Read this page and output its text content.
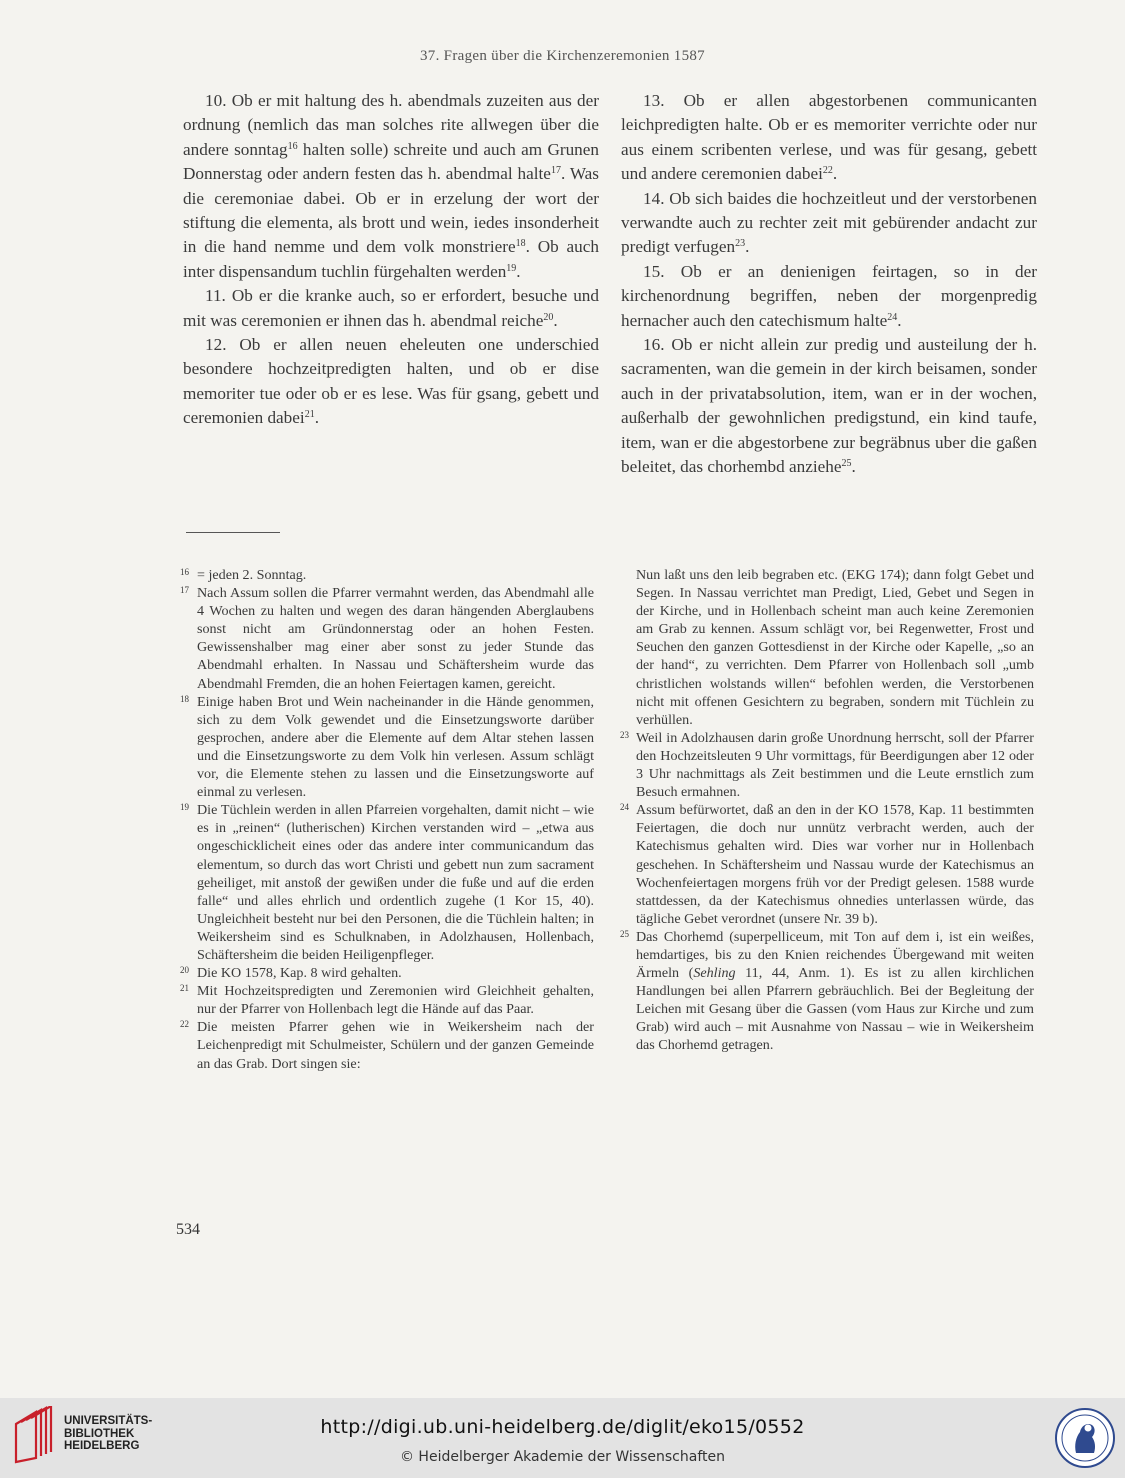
37. Fragen über die Kirchenzeremonien 1587

10. Ob er mit haltung des h. abendmals zuzeiten aus der ordnung (nemlich das man solches rite allwegen über die andere sonntag$^{16}$ halten solle) schreite und auch am Grunen Donnerstag oder andern festen das h. abendmal halte$^{17}$. Was die ceremoniae dabei. Ob er in erzelung der wort der stiftung die elementa, als brott und wein, iedes insonderheit in die hand nemme und dem volk monstriere$^{18}$. Ob auch inter dispensandum tuchlin fürgehalten werden$^{19}$.

11. Ob er die kranke auch, so er erfordert, besuche und mit was ceremonien er ihnen das h. abendmal reiche$^{20}$.

12. Ob er allen neuen eheleuten one underschied besondere hochzeitpredigten halten, und ob er dise memoriter tue oder ob er es lese. Was für gsang, gebett und ceremonien dabei$^{21}$.

13. Ob er allen abgestorbenen communicanten leichpredigten halte. Ob er es memoriter verrichte oder nur aus einem scribenten verlese, und was für gesang, gebett und andere ceremonien dabei$^{22}$.

14. Ob sich baides die hochzeitleut und der verstorbenen verwandte auch zu rechter zeit mit gebürender andacht zur predigt verfugen$^{23}$.

15. Ob er an denienigen feirtagen, so in der kirchenordnung begriffen, neben der morgenpredig hernacher auch den catechismum halte$^{24}$.

16. Ob er nicht allein zur predig und austeilung der h. sacramenten, wan die gemein in der kirch beisamen, sonder auch in der privatabsolution, item, wan er in der wochen, außerhalb der gewohnlichen predigstund, ein kind taufe, item, wan er die abgestorbene zur begräbnus uber die gaßen beleitet, das chorhembd anziehe$^{25}$.

16 = jeden 2. Sonntag.

17 Nach Assum sollen die Pfarrer vermahnt werden, das Abendmahl alle 4 Wochen zu halten und wegen des daran hängenden Aberglaubens sonst nicht am Gründonnerstag oder an hohen Festen. Gewissenshalber mag einer aber sonst zu jeder Stunde das Abendmahl erhalten. In Nassau und Schäftersheim wurde das Abendmahl Fremden, die an hohen Feiertagen kamen, gereicht.

18 Einige haben Brot und Wein nacheinander in die Hände genommen, sich zu dem Volk gewendet und die Einsetzungsworte darüber gesprochen, andere aber die Elemente auf dem Altar stehen lassen und die Einsetzungsworte zu dem Volk hin verlesen. Assum schlägt vor, die Elemente stehen zu lassen und die Einsetzungsworte auf einmal zu verlesen.

19 Die Tüchlein werden in allen Pfarreien vorgehalten, damit nicht – wie es in „reinen“ (lutherischen) Kirchen verstanden wird – „etwa aus ongeschicklicheit eines oder das andere inter communicandum das elementum, so durch das wort Christi und gebett nun zum sacrament geheiliget, mit anstoß der gewißen under die fuße und auf die erden falle“ und alles ehrlich und ordentlich zugehe (1 Kor 15, 40). Ungleichheit besteht nur bei den Personen, die die Tüchlein halten; in Weikersheim sind es Schulknaben, in Adolzhausen, Hollenbach, Schäftersheim die beiden Heiligenpfleger.

20 Die KO 1578, Kap. 8 wird gehalten.

21 Mit Hochzeitspredigten und Zeremonien wird Gleichheit gehalten, nur der Pfarrer von Hollenbach legt die Hände auf das Paar.

22 Die meisten Pfarrer gehen wie in Weikersheim nach der Leichenpredigt mit Schulmeister, Schülern und der ganzen Gemeinde an das Grab. Dort singen sie:

Nun laßt uns den leib begraben etc. (EKG 174); dann folgt Gebet und Segen. In Nassau verrichtet man Predigt, Lied, Gebet und Segen in der Kirche, und in Hollenbach scheint man auch keine Zeremonien am Grab zu kennen. Assum schlägt vor, bei Regenwetter, Frost und Seuchen den ganzen Gottesdienst in der Kirche oder Kapelle, „so an der hand“, zu verrichten. Dem Pfarrer von Hollenbach soll „umb christlichen wolstands willen“ befohlen werden, die Verstorbenen nicht mit offenen Gesichtern zu begraben, sondern mit Tüchlein zu verhüllen.

23 Weil in Adolzhausen darin große Unordnung herrscht, soll der Pfarrer den Hochzeitsleuten 9 Uhr vormittags, für Beerdigungen aber 12 oder 3 Uhr nachmittags als Zeit bestimmen und die Leute ernstlich zum Besuch ermahnen.

24 Assum befürwortet, daß an den in der KO 1578, Kap. 11 bestimmten Feiertagen, die doch nur unnütz verbracht werden, auch der Katechismus gehalten wird. Dies war vorher nur in Hollenbach geschehen. In Schäftersheim und Nassau wurde der Katechismus an Wochenfeiertagen morgens früh vor der Predigt gelesen. 1588 wurde stattdessen, da der Katechismus ohnedies unterlassen würde, das tägliche Gebet verordnet (unsere Nr. 39 b).

25 Das Chorhemd (superpelliceum, mit Ton auf dem i, ist ein weißes, hemdartiges, bis zu den Knien reichendes Übergewand mit weiten Ärmeln (Sehling 11, 44, Anm. 1). Es ist zu allen kirchlichen Handlungen bei allen Pfarrern gebräuchlich. Bei der Begleitung der Leichen mit Gesang über die Gassen (vom Haus zur Kirche und zum Grab) wird auch – mit Ausnahme von Nassau – wie in Weikersheim das Chorhemd getragen.

534
UNIVERSITÄTS-
BIBLIOTHEK
HEIDELBERG
http://digi.ub.uni-heidelberg.de/diglit/eko15/0552
© Heidelberger Akademie der Wissenschaften
